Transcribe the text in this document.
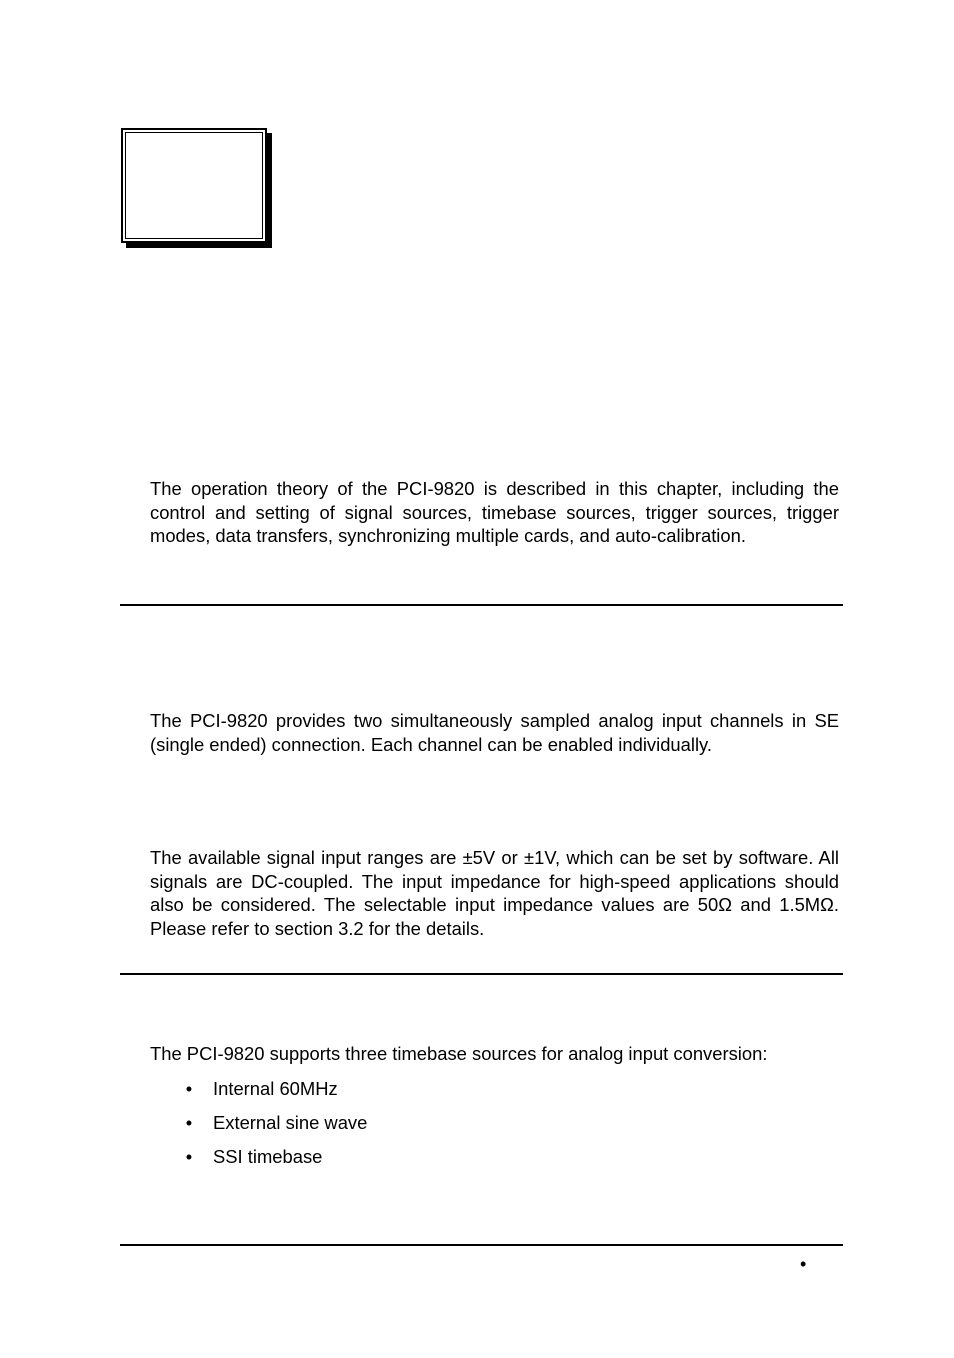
The operation theory of the PCI-9820 is described in this chapter, including the control and setting of signal sources, timebase sources, trigger sources, trigger modes, data transfers, synchronizing multiple cards, and auto-calibration.

The PCI-9820 provides two simultaneously sampled analog input channels in SE (single ended) connection. Each channel can be enabled individually.

The available signal input ranges are ±5V or ±1V, which can be set by software. All signals are DC-coupled. The input impedance for high-speed applications should also be considered. The selectable input impedance values are 50Ω and 1.5MΩ. Please refer to section 3.2 for the details.

The PCI-9820 supports three timebase sources for analog input conversion:

• Internal 60MHz
• External sine wave
• SSI timebase
•
